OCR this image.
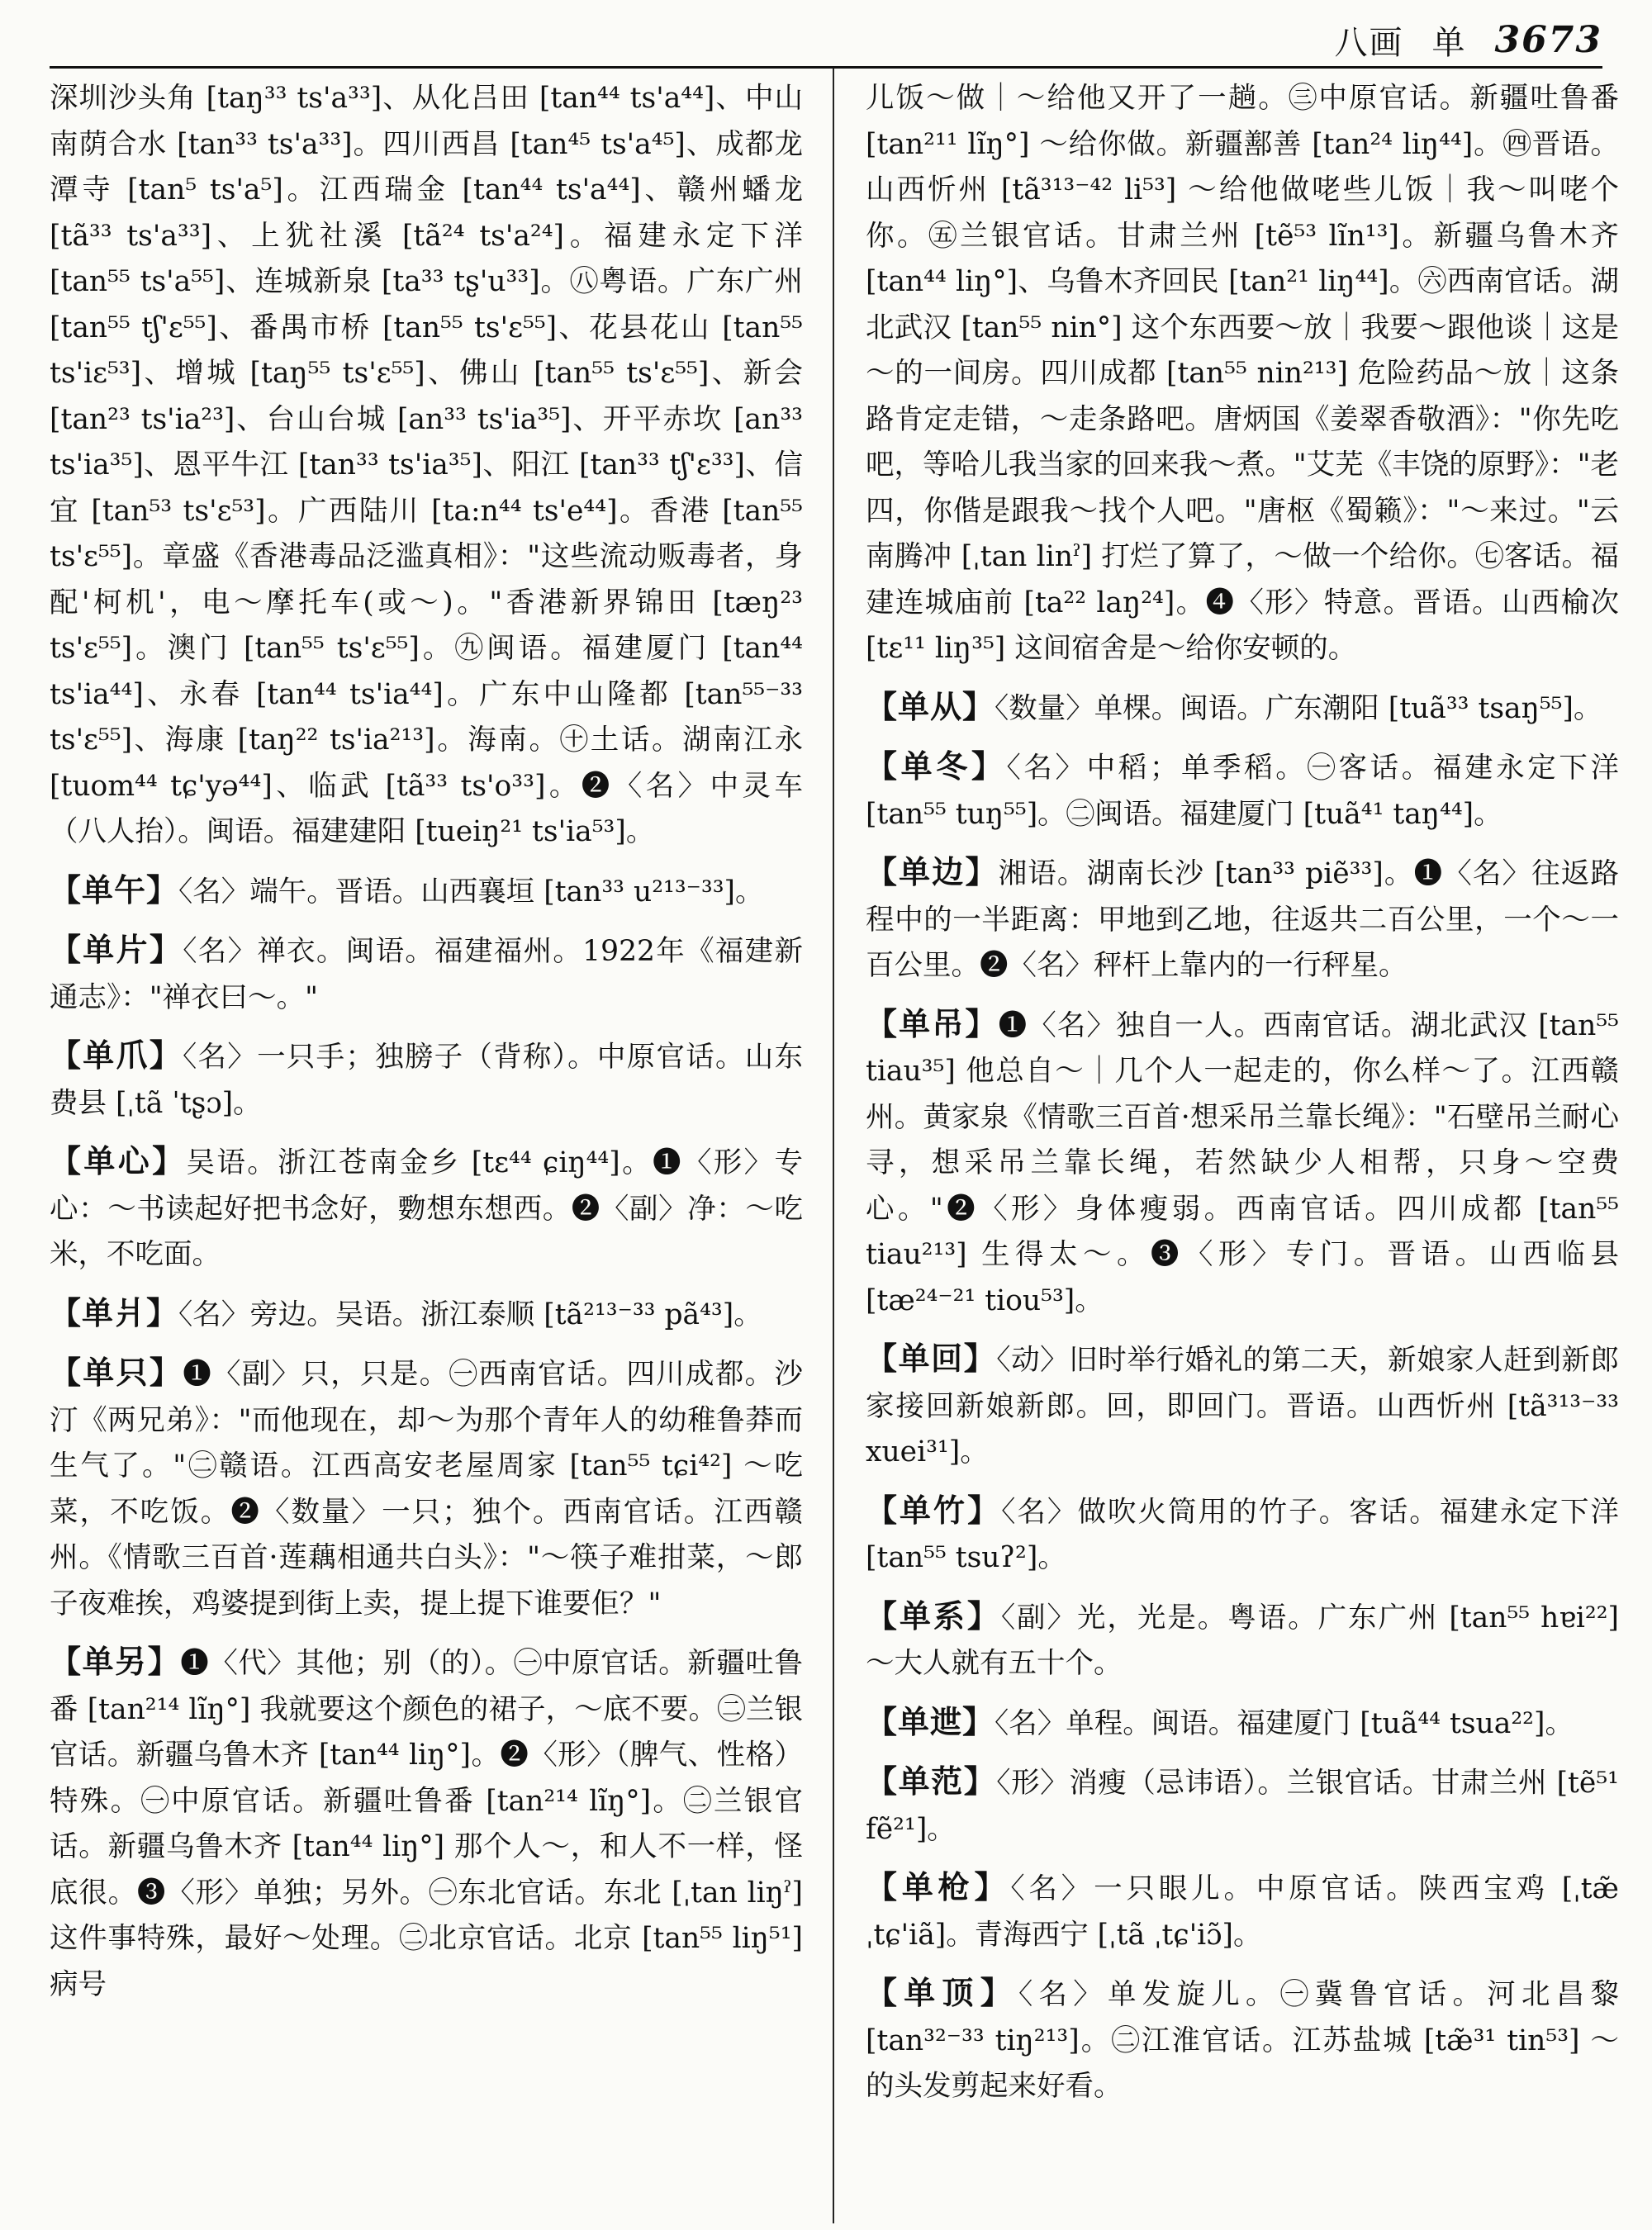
八画 单 3673

深圳沙头角 [taŋ³³ ts'a³³]、从化吕田 [tan⁴⁴ ts'a⁴⁴]、中山南荫合水 [tan³³ ts'a³³]。四川西昌 [tan⁴⁵ ts'a⁴⁵]、成都龙潭寺 [tan⁵ ts'a⁵]。江西瑞金 [tan⁴⁴ ts'a⁴⁴]、赣州蟠龙 [tã³³ ts'a³³]、上犹社溪 [tã²⁴ ts'a²⁴]。福建永定下洋 [tan⁵⁵ ts'a⁵⁵]、连城新泉 [ta³³ tʂ'u³³]。㊇粤语。广东广州 [tan⁵⁵ tʃ'ɛ⁵⁵]、番禺市桥 [tan⁵⁵ ts'ɛ⁵⁵]、花县花山 [tan⁵⁵ ts'iɛ⁵³]、增城 [taŋ⁵⁵ ts'ɛ⁵⁵]、佛山 [tan⁵⁵ ts'ɛ⁵⁵]、新会 [tan²³ ts'ia²³]、台山台城 [an³³ ts'ia³⁵]、开平赤坎 [an³³ ts'ia³⁵]、恩平牛江 [tan³³ ts'ia³⁵]、阳江 [tan³³ tʃ'ɛ³³]、信宜 [tan⁵³ ts'ɛ⁵³]。广西陆川 [ta:n⁴⁴ ts'e⁴⁴]。香港 [tan⁵⁵ ts'ɛ⁵⁵]。章盛《香港毒品泛滥真相》："这些流动贩毒者，身配'柯机'，电～摩托车(或～)。"香港新界锦田 [tæŋ²³ ts'ɛ⁵⁵]。澳门 [tan⁵⁵ ts'ɛ⁵⁵]。㊈闽语。福建厦门 [tan⁴⁴ ts'ia⁴⁴]、永春 [tan⁴⁴ ts'ia⁴⁴]。广东中山隆都 [tan⁵⁵⁻³³ ts'ɛ⁵⁵]、海康 [taŋ²² ts'ia²¹³]。海南。㊉土话。湖南江永 [tuom⁴⁴ tɕ'yə⁴⁴]、临武 [tã³³ ts'o³³]。❷〈名〉中灵车（八人抬）。闽语。福建建阳 [tueiŋ²¹ ts'ia⁵³]。

【单午】〈名〉端午。晋语。山西襄垣 [tan³³ u²¹³⁻³³]。

【单片】〈名〉禅衣。闽语。福建福州。1922年《福建新通志》："禅衣曰～。"

【单爪】〈名〉一只手；独膀子（背称）。中原官话。山东费县 [ˌtã ˈtʂɔ]。

【单心】吴语。浙江苍南金乡 [tɛ⁴⁴ ɕiŋ⁴⁴]。❶〈形〉专心：～书读起好把书念好，覅想东想西。❷〈副〉净：～吃米，不吃面。

【单爿】〈名〉旁边。吴语。浙江泰顺 [tã²¹³⁻³³ pã⁴³]。

【单只】❶〈副〉只，只是。㊀西南官话。四川成都。沙汀《两兄弟》："而他现在，却～为那个青年人的幼稚鲁莽而生气了。"㊁赣语。江西高安老屋周家 [tan⁵⁵ tɕi⁴²] ～吃菜，不吃饭。❷〈数量〉一只；独个。西南官话。江西赣州。《情歌三百首·莲藕相通共白头》："～筷子难拑菜，～郎子夜难挨，鸡婆提到街上卖，提上提下谁要佢？"

【单另】❶〈代〉其他；别（的）。㊀中原官话。新疆吐鲁番 [tan²¹⁴ lĩŋ°] 我就要这个颜色的裙子，～底不要。㊁兰银官话。新疆乌鲁木齐 [tan⁴⁴ liŋ°]。❷〈形〉（脾气、性格）特殊。㊀中原官话。新疆吐鲁番 [tan²¹⁴ lĩŋ°]。㊁兰银官话。新疆乌鲁木齐 [tan⁴⁴ liŋ°] 那个人～，和人不一样，怪底很。❸〈形〉单独；另外。㊀东北官话。东北 [ˌtan liŋˀ] 这件事特殊，最好～处理。㊁北京官话。北京 [tan⁵⁵ liŋ⁵¹] 病号

儿饭～做｜～给他又开了一趟。㊂中原官话。新疆吐鲁番 [tan²¹¹ lĩŋ°] ～给你做。新疆鄯善 [tan²⁴ liŋ⁴⁴]。㊃晋语。山西忻州 [tã³¹³⁻⁴² li⁵³] ～给他做咾些儿饭｜我～叫咾个你。㊄兰银官话。甘肃兰州 [tẽ⁵³ lĩn¹³]。新疆乌鲁木齐 [tan⁴⁴ liŋ°]、乌鲁木齐回民 [tan²¹ liŋ⁴⁴]。㊅西南官话。湖北武汉 [tan⁵⁵ nin°] 这个东西要～放｜我要～跟他谈｜这是～的一间房。四川成都 [tan⁵⁵ nin²¹³] 危险药品～放｜这条路肯定走错，～走条路吧。唐炳国《姜翠香敬酒》："你先吃吧，等哈儿我当家的回来我～煮。"艾芜《丰饶的原野》："老四，你偕是跟我～找个人吧。"唐枢《蜀籁》："～来过。"云南腾冲 [ˌtan linˀ] 打烂了算了，～做一个给你。㊆客话。福建连城庙前 [ta²² laŋ²⁴]。❹〈形〉特意。晋语。山西榆次 [tɛ¹¹ liŋ³⁵] 这间宿舍是～给你安顿的。

【单从】〈数量〉单棵。闽语。广东潮阳 [tuã³³ tsaŋ⁵⁵]。

【单冬】〈名〉中稻；单季稻。㊀客话。福建永定下洋 [tan⁵⁵ tuŋ⁵⁵]。㊁闽语。福建厦门 [tuã⁴¹ taŋ⁴⁴]。

【单边】湘语。湖南长沙 [tan³³ piẽ³³]。❶〈名〉往返路程中的一半距离：甲地到乙地，往返共二百公里，一个～一百公里。❷〈名〉秤杆上靠内的一行秤星。

【单吊】❶〈名〉独自一人。西南官话。湖北武汉 [tan⁵⁵ tiau³⁵] 他总自～｜几个人一起走的，你么样～了。江西赣州。黄家泉《情歌三百首·想采吊兰靠长绳》："石壁吊兰耐心寻，想采吊兰靠长绳，若然缺少人相帮，只身～空费心。"❷〈形〉身体瘦弱。西南官话。四川成都 [tan⁵⁵ tiau²¹³] 生得太～。❸〈形〉专门。晋语。山西临县 [tæ²⁴⁻²¹ tiou⁵³]。

【单回】〈动〉旧时举行婚礼的第二天，新娘家人赶到新郎家接回新娘新郎。回，即回门。晋语。山西忻州 [tã³¹³⁻³³ xuei³¹]。

【单竹】〈名〉做吹火筒用的竹子。客话。福建永定下洋 [tan⁵⁵ tsuʔ²]。

【单系】〈副〉光，光是。粤语。广东广州 [tan⁵⁵ hɐi²²] ～大人就有五十个。

【单迣】〈名〉单程。闽语。福建厦门 [tuã⁴⁴ tsua²²]。

【单范】〈形〉消瘦（忌讳语）。兰银官话。甘肃兰州 [tẽ⁵¹ fẽ²¹]。

【单枪】〈名〉一只眼儿。中原官话。陕西宝鸡 [ˌtæ̃ ˌtɕ'iã]。青海西宁 [ˌtã ˌtɕ'iɔ̃]。

【单顶】〈名〉单发旋儿。㊀冀鲁官话。河北昌黎 [tan³²⁻³³ tiŋ²¹³]。㊁江淮官话。江苏盐城 [tæ̃³¹ tin⁵³] ～的头发剪起来好看。
